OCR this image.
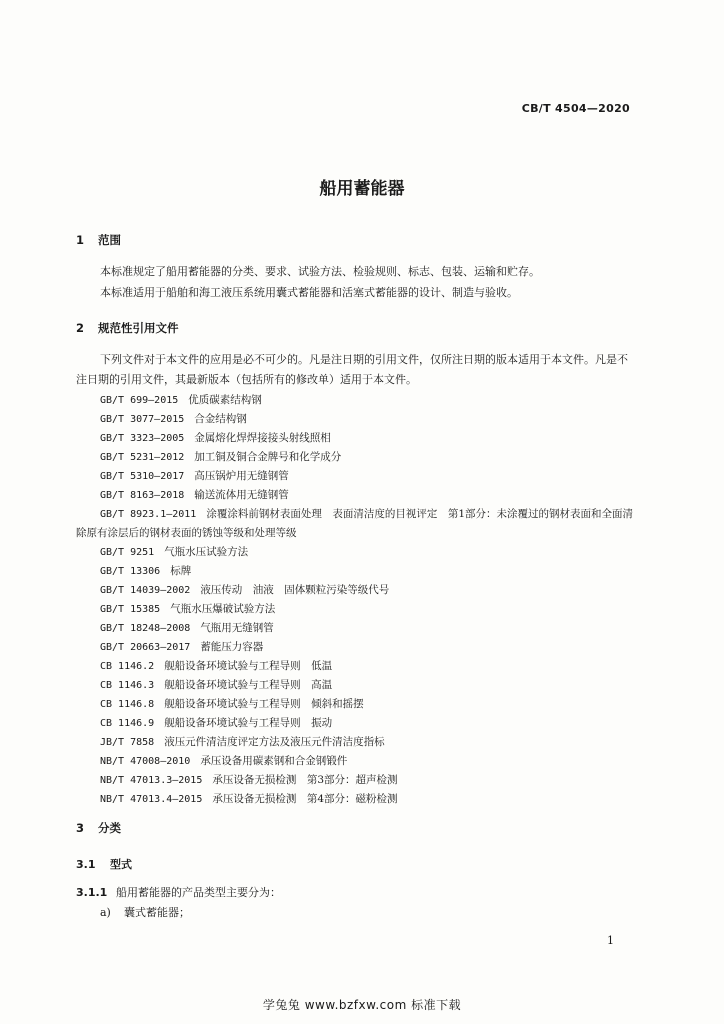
CB/T 4504—2020
船用蓄能器
1 范围
本标准规定了船用蓄能器的分类、要求、试验方法、检验规则、标志、包装、运输和贮存。
本标准适用于船舶和海工液压系统用囊式蓄能器和活塞式蓄能器的设计、制造与验收。
2 规范性引用文件
下列文件对于本文件的应用是必不可少的。凡是注日期的引用文件，仅所注日期的版本适用于本文件。凡是不注日期的引用文件，其最新版本（包括所有的修改单）适用于本文件。
GB/T 699—2015 优质碳素结构钢
GB/T 3077—2015 合金结构钢
GB/T 3323—2005 金属熔化焊焊接接头射线照相
GB/T 5231—2012 加工铜及铜合金牌号和化学成分
GB/T 5310—2017 高压锅炉用无缝钢管
GB/T 8163—2018 输送流体用无缝钢管
GB/T 8923.1—2011 涂覆涂料前钢材表面处理　表面清洁度的目视评定　第1部分：未涂覆过的钢材表面和全面清除原有涂层后的钢材表面的锈蚀等级和处理等级
GB/T 9251 气瓶水压试验方法
GB/T 13306 标牌
GB/T 14039—2002 液压传动　油液　固体颗粒污染等级代号
GB/T 15385 气瓶水压爆破试验方法
GB/T 18248—2008 气瓶用无缝钢管
GB/T 20663—2017 蓄能压力容器
CB 1146.2 舰船设备环境试验与工程导则　低温
CB 1146.3 舰船设备环境试验与工程导则　高温
CB 1146.8 舰船设备环境试验与工程导则　倾斜和摇摆
CB 1146.9 舰船设备环境试验与工程导则　振动
JB/T 7858 液压元件清洁度评定方法及液压元件清洁度指标
NB/T 47008—2010 承压设备用碳素钢和合金钢锻件
NB/T 47013.3—2015 承压设备无损检测　第3部分：超声检测
NB/T 47013.4—2015 承压设备无损检测　第4部分：磁粉检测
3 分类
3.1 型式
3.1.1 船用蓄能器的产品类型主要分为：
a) 囊式蓄能器；
1
学兔兔 www.bzfxw.com 标准下载
